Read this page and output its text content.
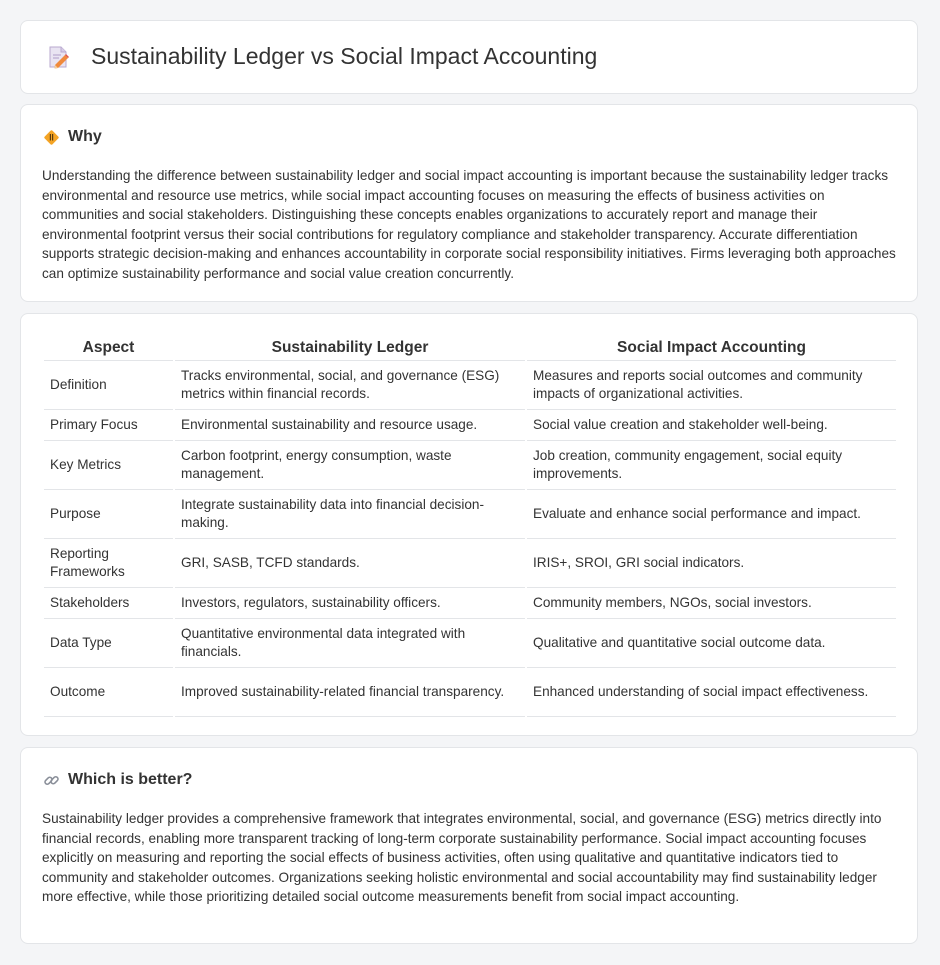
Sustainability Ledger vs Social Impact Accounting
Why

Understanding the difference between sustainability ledger and social impact accounting is important because the sustainability ledger tracks environmental and resource use metrics, while social impact accounting focuses on measuring the effects of business activities on communities and social stakeholders. Distinguishing these concepts enables organizations to accurately report and manage their environmental footprint versus their social contributions for regulatory compliance and stakeholder transparency. Accurate differentiation supports strategic decision-making and enhances accountability in corporate social responsibility initiatives. Firms leveraging both approaches can optimize sustainability performance and social value creation concurrently.

Aspect	Sustainability Ledger	Social Impact Accounting
Definition	Tracks environmental, social, and governance (ESG) metrics within financial records.	Measures and reports social outcomes and community impacts of organizational activities.
Primary Focus	Environmental sustainability and resource usage.	Social value creation and stakeholder well-being.
Key Metrics	Carbon footprint, energy consumption, waste management.	Job creation, community engagement, social equity improvements.
Purpose	Integrate sustainability data into financial decision-making.	Evaluate and enhance social performance and impact.
Reporting Frameworks	GRI, SASB, TCFD standards.	IRIS+, SROI, GRI social indicators.
Stakeholders	Investors, regulators, sustainability officers.	Community members, NGOs, social investors.
Data Type	Quantitative environmental data integrated with financials.	Qualitative and quantitative social outcome data.
Outcome	Improved sustainability-related financial transparency.	Enhanced understanding of social impact effectiveness.
Which is better?

Sustainability ledger provides a comprehensive framework that integrates environmental, social, and governance (ESG) metrics directly into financial records, enabling more transparent tracking of long-term corporate sustainability performance. Social impact accounting focuses explicitly on measuring and reporting the social effects of business activities, often using qualitative and quantitative indicators tied to community and stakeholder outcomes. Organizations seeking holistic environmental and social accountability may find sustainability ledger more effective, while those prioritizing detailed social outcome measurements benefit from social impact accounting.
